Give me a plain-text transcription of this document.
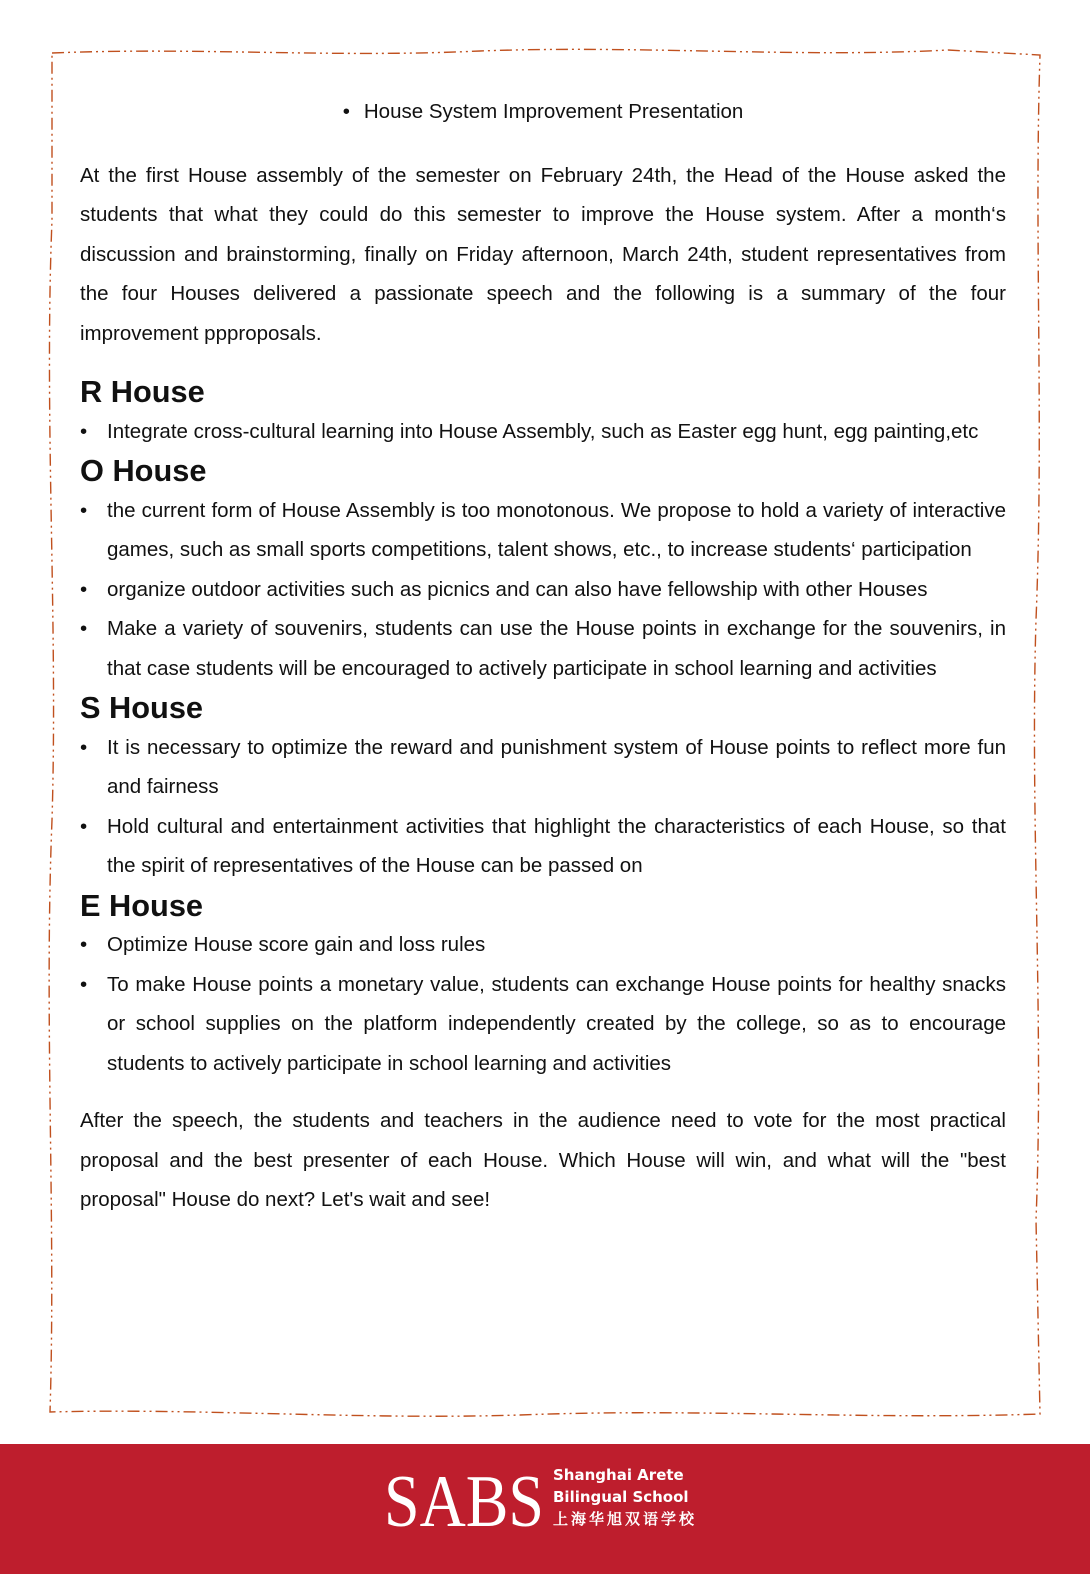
• House System Improvement Presentation

At the first House assembly of the semester on February 24th, the Head of the House asked the students that what they could do this semester to improve the House system. After a month‘s discussion and brainstorming, finally on Friday afternoon, March 24th, student representatives from the four Houses delivered a passionate speech and the following is a summary of the four improvement ppproposals.

R House
• Integrate cross-cultural learning into House Assembly, such as Easter egg hunt, egg painting,etc
O House
• the current form of House Assembly is too monotonous. We propose to hold a variety of interactive games, such as small sports competitions, talent shows, etc., to increase students‘ participation
• organize outdoor activities such as picnics and can also have fellowship with other Houses
• Make a variety of souvenirs, students can use the House points in exchange for the souvenirs, in that case students will be encouraged to actively participate in school learning and activities
S House
• It is necessary to optimize the reward and punishment system of House points to reflect more fun and fairness
• Hold cultural and entertainment activities that highlight the characteristics of each House, so that the spirit of representatives of the House can be passed on
E House
• Optimize House score gain and loss rules
• To make House points a monetary value, students can exchange House points for healthy snacks or school supplies on the platform independently created by the college, so as to encourage students to actively participate in school learning and activities

After the speech, the students and teachers in the audience need to vote for the most practical proposal and the best presenter of each House. Which House will win, and what will the "best proposal" House do next? Let's wait and see!

SABS Shanghai Arete
Bilingual School
上海华旭双语学校
